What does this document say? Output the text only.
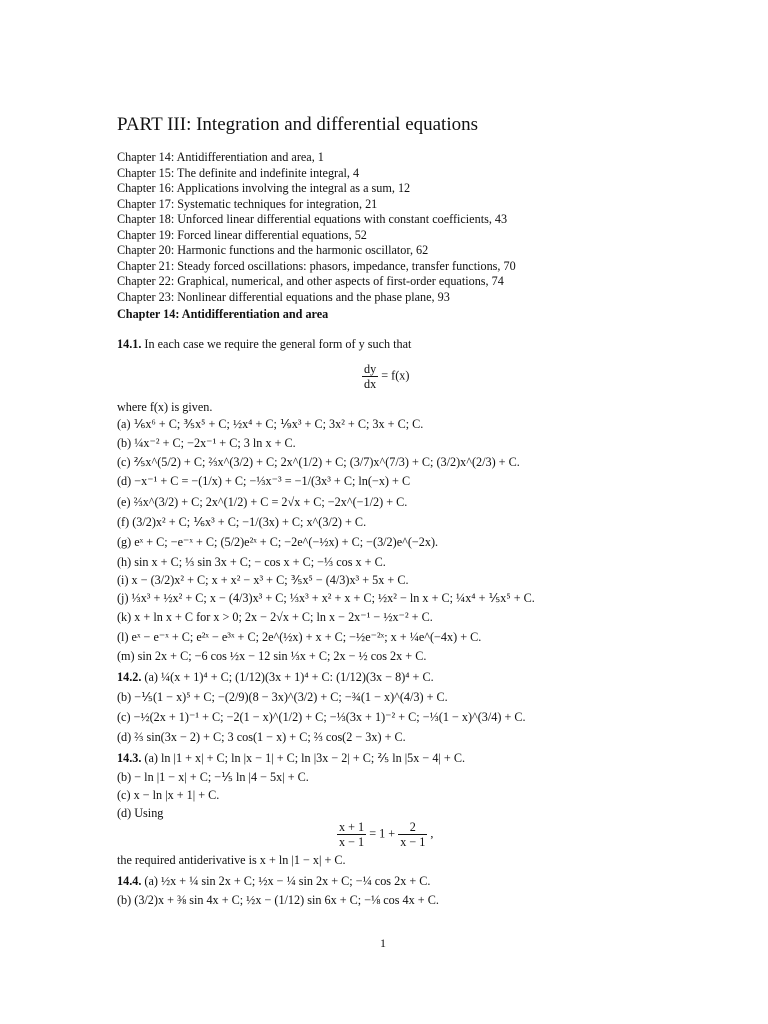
PART III: Integration and differential equations
Chapter 14: Antidifferentiation and area, 1
Chapter 15: The definite and indefinite integral, 4
Chapter 16: Applications involving the integral as a sum, 12
Chapter 17: Systematic techniques for integration, 21
Chapter 18: Unforced linear differential equations with constant coefficients, 43
Chapter 19: Forced linear differential equations, 52
Chapter 20: Harmonic functions and the harmonic oscillator, 62
Chapter 21: Steady forced oscillations: phasors, impedance, transfer functions, 70
Chapter 22: Graphical, numerical, and other aspects of first-order equations, 74
Chapter 23: Nonlinear differential equations and the phase plane, 93
Chapter 14: Antidifferentiation and area
14.1. In each case we require the general form of y such that
$\frac{dy}{dx} = f(x)$
where f(x) is given.
(a) ⅙x⁶ + C; ⅗x⁵ + C; ½x⁴ + C; ⅑x³ + C; 3x² + C; 3x + C; C.
(b) ¼x⁻² + C; −2x⁻¹ + C; 3 ln x + C.
(c) ⅖x^(5/2) + C; ⅔x^(3/2) + C; 2x^(1/2) + C; (3/7)x^(7/3) + C; (3/2)x^(2/3) + C.
(d) −x⁻¹ + C = −(1/x) + C; −⅓x⁻³ = −1/(3x³ + C; ln(−x) + C
(e) ⅔x^(3/2) + C; 2x^(1/2) + C = 2√x + C; −2x^(−1/2) + C.
(f) (3/2)x² + C; ⅙x³ + C; −1/(3x) + C; x^(3/2) + C.
(g) eˣ + C; −e⁻ˣ + C; (5/2)e²ˣ + C; −2e^(−½x) + C; −(3/2)e^(−2x).
(h) sin x + C; ⅓ sin 3x + C; − cos x + C; −⅓ cos x + C.
(i) x − (3/2)x² + C; x + x² − x³ + C; ⅗x⁵ − (4/3)x³ + 5x + C.
(j) ⅓x³ + ½x² + C; x − (4/3)x³ + C; ⅓x³ + x² + x + C; ½x² − ln x + C; ¼x⁴ + ⅕x⁵ + C.
(k) x + ln x + C for x > 0; 2x − 2√x + C; ln x − 2x⁻¹ − ½x⁻² + C.
(l) eˣ − e⁻ˣ + C; e²ˣ − e³ˣ + C; 2e^(½x) + x + C; −½e⁻²ˣ; x + ¼e^(−4x) + C.
(m) sin 2x + C; −6 cos ½x − 12 sin ⅓x + C; 2x − ½ cos 2x + C.
14.2. (a) ¼(x + 1)⁴ + C; (1/12)(3x + 1)⁴ + C: (1/12)(3x − 8)⁴ + C.
(b) −⅕(1 − x)⁵ + C; −(2/9)(8 − 3x)^(3/2) + C; −¾(1 − x)^(4/3) + C.
(c) −½(2x + 1)⁻¹ + C; −2(1 − x)^(1/2) + C; −⅓(3x + 1)⁻² + C; −⅓(1 − x)^(3/4) + C.
(d) ⅔ sin(3x − 2) + C; 3 cos(1 − x) + C; ⅔ cos(2 − 3x) + C.
14.3. (a) ln |1 + x| + C; ln |x − 1| + C; ln |3x − 2| + C; ⅖ ln |5x − 4| + C.
(b) − ln |1 − x| + C; −⅕ ln |4 − 5x| + C.
(c) x − ln |x + 1| + C.
(d) Using
$\frac{x + 1}{x - 1} = 1 + \frac{2}{x - 1}$ ,
the required antiderivative is x + ln |1 − x| + C.
14.4. (a) ½x + ¼ sin 2x + C; ½x − ¼ sin 2x + C; −¼ cos 2x + C.
(b) (3/2)x + ⅜ sin 4x + C; ½x − (1/12) sin 6x + C; −⅛ cos 4x + C.
1
